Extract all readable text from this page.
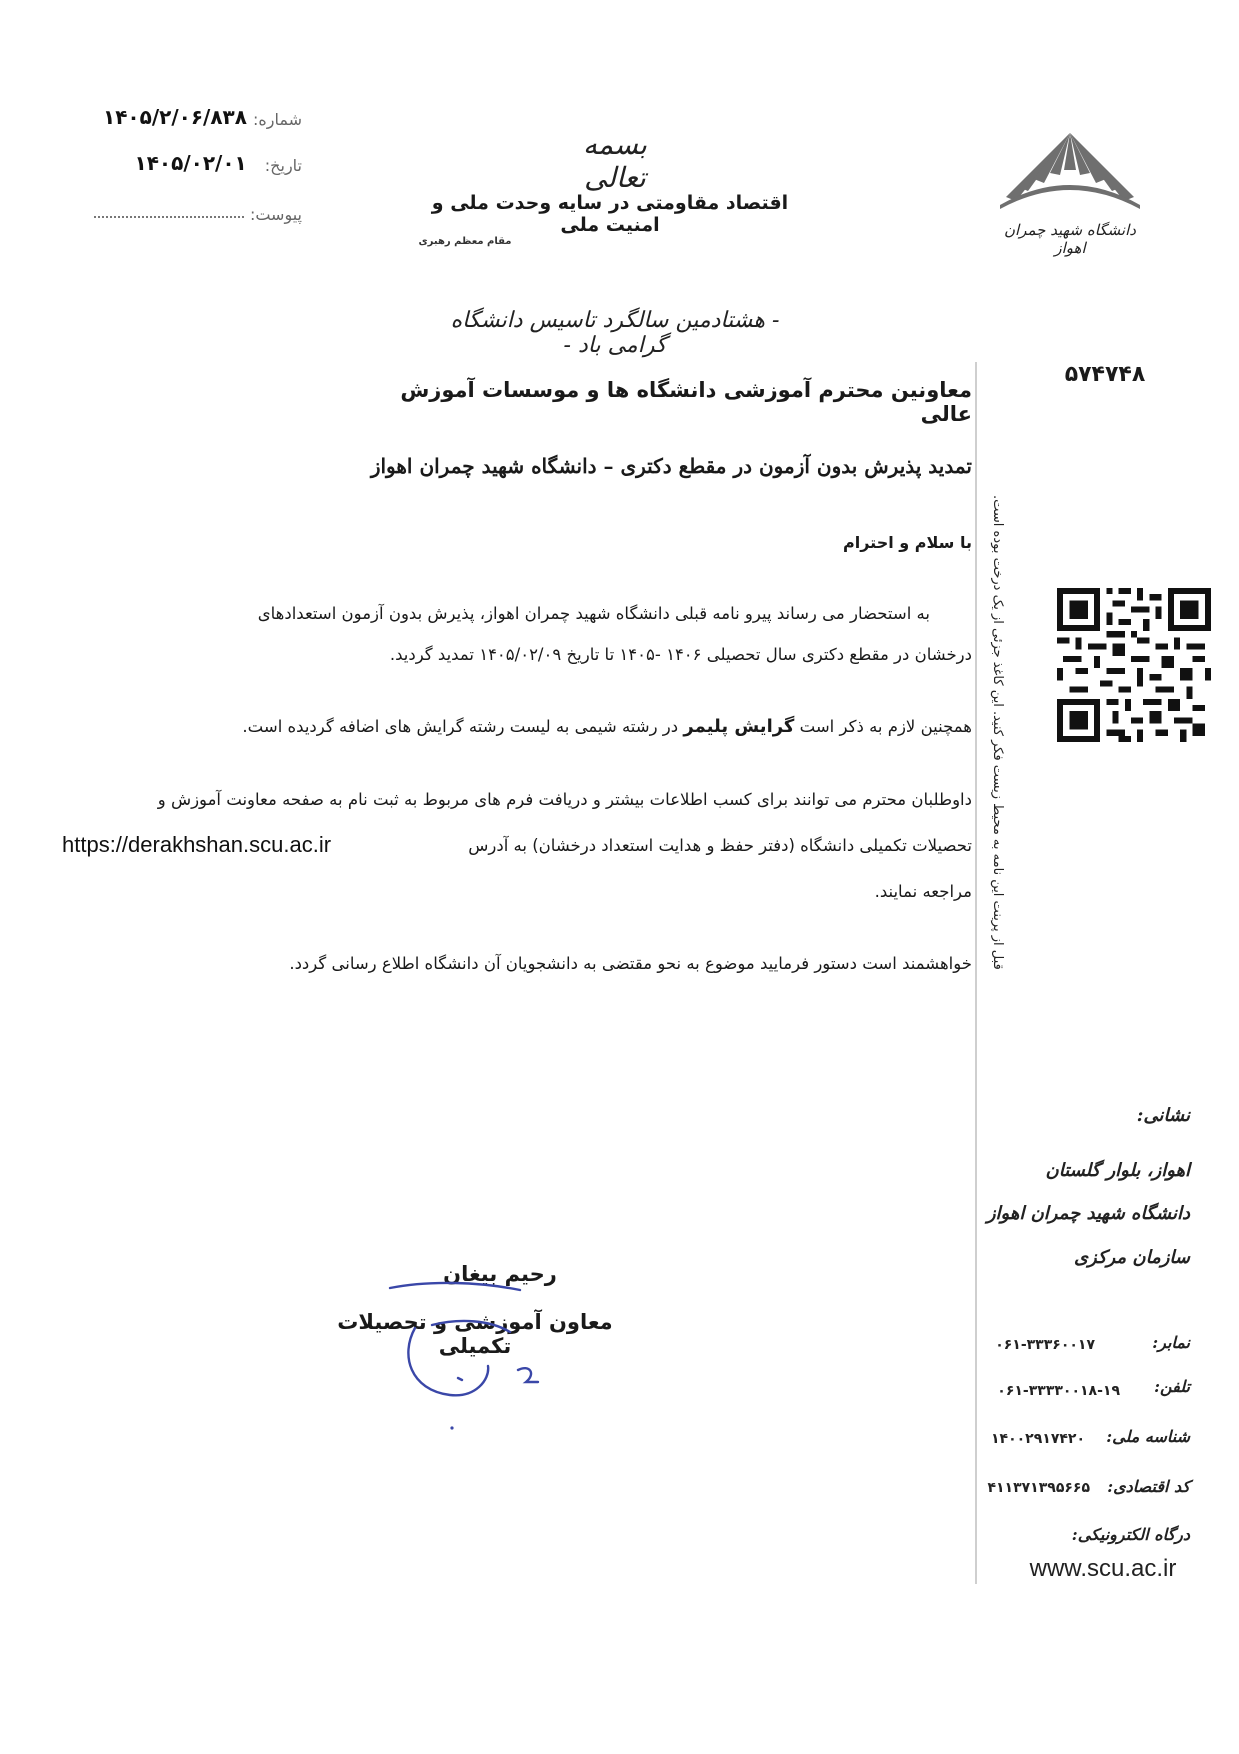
شماره:
۱۴۰۵/۲/۰۶/۸۳۸
تاریخ:
۱۴۰۵/۰۲/۰۱
پیوست:
بسمه تعالی
اقتصاد مقاومتی در سایه وحدت ملی و امنیت ملی
مقام معظم رهبری
- هشتادمین سالگرد تاسیس دانشگاه گرامی باد -
دانشگاه شهید چمران اهواز
۵۷۴۷۴۸
قبل از پرینت این نامه به محیط زیست فکر کنید. این کاغذ جزئی از یک درخت بوده است.
معاونین محترم آموزشی دانشگاه ها و موسسات آموزش عالی
تمدید پذیرش بدون آزمون در مقطع دکتری – دانشگاه شهید چمران اهواز
با سلام و احترام
به استحضار می رساند پیرو نامه قبلی دانشگاه شهید چمران اهواز، پذیرش بدون آزمون استعدادهای
درخشان در مقطع دکتری سال تحصیلی ۱۴۰۶ -۱۴۰۵ تا تاریخ ۱۴۰۵/۰۲/۰۹ تمدید گردید.
همچنین لازم به ذکر است گرایش پلیمر در رشته شیمی به لیست رشته گرایش های اضافه گردیده است.
داوطلبان محترم می توانند برای کسب اطلاعات بیشتر و دریافت فرم های مربوط به ثبت نام به صفحه معاونت آموزش و
تحصیلات تکمیلی دانشگاه (دفتر حفظ و هدایت استعداد درخشان) به آدرس
https://derakhshan.scu.ac.ir
مراجعه نمایند.
خواهشمند است دستور فرمایید موضوع به نحو مقتضی به دانشجویان آن دانشگاه اطلاع رسانی گردد.
رحیم بیغان
معاون آموزشی و تحصیلات تکمیلی
نشانی:
اهواز، بلوار گلستان
دانشگاه شهید چمران اهواز
سازمان مرکزی
نمابر:
۰۶۱-۳۳۳۶۰۰۱۷
تلفن:
۰۶۱-۳۳۳۳۰۰۱۸-۱۹
شناسه ملی:
۱۴۰۰۲۹۱۷۴۲۰
کد اقتصادی:
۴۱۱۳۷۱۳۹۵۶۶۵
درگاه الکترونیکی:
www.scu.ac.ir
